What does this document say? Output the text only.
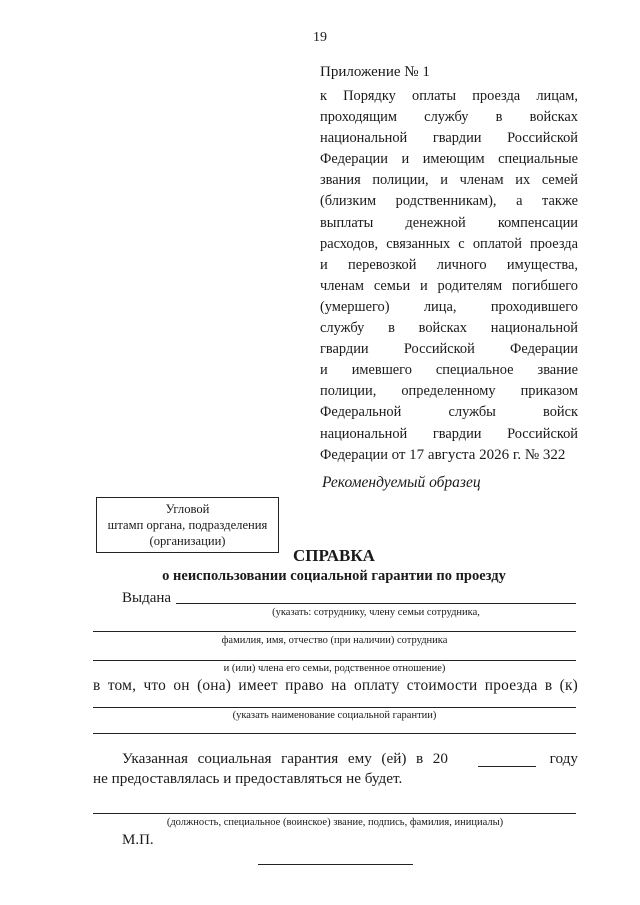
19
Приложение № 1
к Порядку оплаты проезда лицам,
проходящим службу в войсках
национальной гвардии Российской
Федерации и имеющим специальные
звания полиции, и членам их семей
(близким родственникам), а также
выплаты денежной компенсации
расходов, связанных с оплатой проезда
и перевозкой личного имущества,
членам семьи и родителям погибшего
(умершего) лица, проходившего
службу в войсках национальной
гвардии Российской Федерации
и имевшего специальное звание
полиции, определенному приказом
Федеральной службы войск
национальной гвардии Российской
Федерации от 17 августа 2026 г. № 322
Рекомендуемый образец
Угловой
штамп органа, подразделения
(организации)
СПРАВКА
о неиспользовании социальной гарантии по проезду
Выдана
(указать: сотруднику, члену семьи сотрудника,
фамилия, имя, отчество (при наличии) сотрудника
и (или) члена его семьи, родственное отношение)
в том, что он (она) имеет право на оплату стоимости проезда в (к)
(указать наименование социальной гарантии)
Указанная социальная гарантия ему (ей) в 20	году
не предоставлялась и предоставляться не будет.
(должность, специальное (воинское) звание, подпись, фамилия, инициалы)
М.П.
